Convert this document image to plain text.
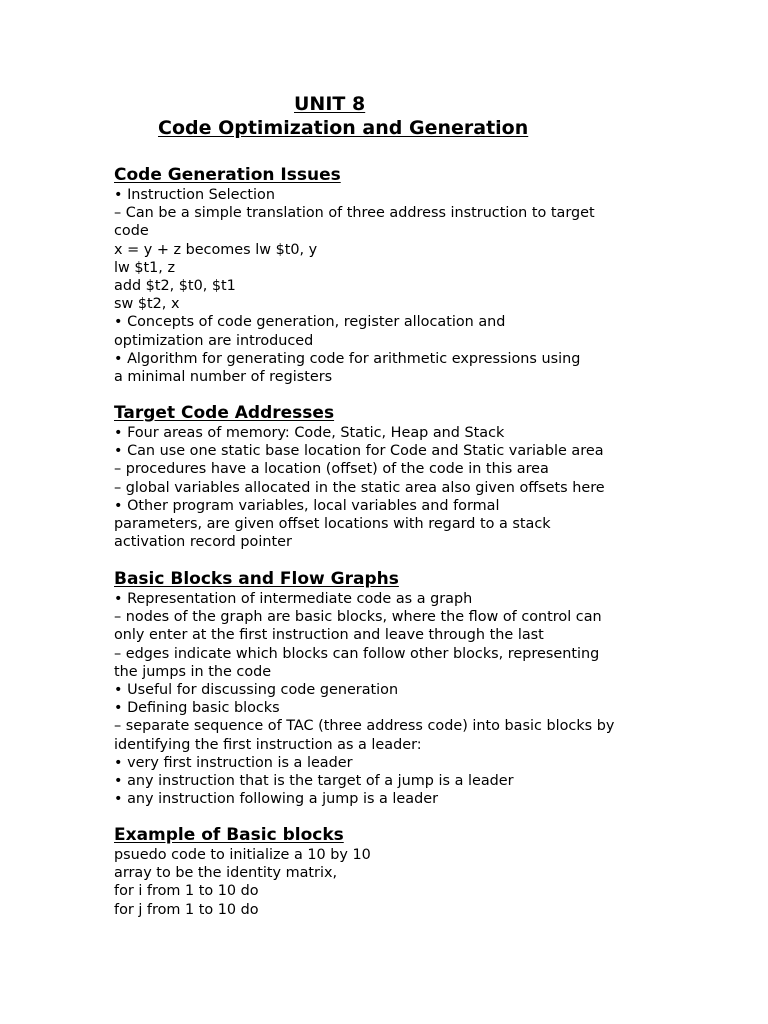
UNIT 8
Code Optimization and Generation
Code Generation Issues
• Instruction Selection
– Can be a simple translation of three address instruction to target
code
x = y + z becomes lw $t0, y
lw $t1, z
add $t2, $t0, $t1
sw $t2, x
• Concepts of code generation, register allocation and
optimization are introduced
• Algorithm for generating code for arithmetic expressions using
a minimal number of registers
Target Code Addresses
• Four areas of memory: Code, Static, Heap and Stack
• Can use one static base location for Code and Static variable area
– procedures have a location (offset) of the code in this area
– global variables allocated in the static area also given offsets here
• Other program variables, local variables and formal
parameters, are given offset locations with regard to a stack
activation record pointer
Basic Blocks and Flow Graphs
• Representation of intermediate code as a graph
– nodes of the graph are basic blocks, where the flow of control can
only enter at the first instruction and leave through the last
– edges indicate which blocks can follow other blocks, representing
the jumps in the code
• Useful for discussing code generation
• Defining basic blocks
– separate sequence of TAC (three address code) into basic blocks by
identifying the first instruction as a leader:
• very first instruction is a leader
• any instruction that is the target of a jump is a leader
• any instruction following a jump is a leader
Example of Basic blocks
psuedo code to initialize a 10 by 10
array to be the identity matrix,
for i from 1 to 10 do
for j from 1 to 10 do
